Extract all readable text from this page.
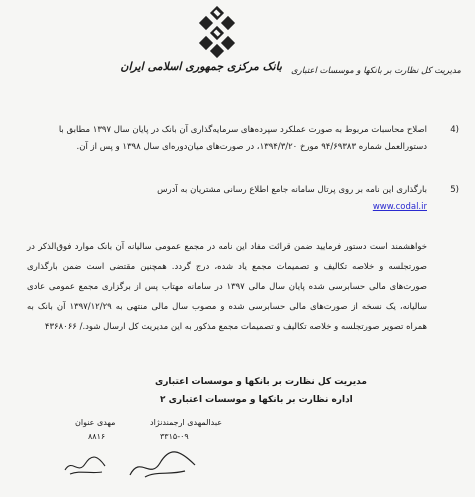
بانک مرکزی جمهوری اسلامی ایران مدیریت کل نظارت بر بانکها و موسسات اعتباری
(4
اصلاح محاسبات مربوط به صورت عملکرد سپرده‌های سرمایه‌گذاری آن بانک در پایان سال ۱۳۹۷ مطابق با دستورالعمل شماره ۹۴/۶۹۳۸۳ مورخ ۱۳۹۴/۳/۲۰، در صورت‌های میان‌دوره‌ای سال ۱۳۹۸ و پس از آن.
(5
بارگذاری این نامه بر روی پرتال سامانه جامع اطلاع رسانی مشتریان به آدرس
www.codal.ir
خواهشمند است دستور فرمایید ضمن قرائت مفاد این نامه در مجمع عمومی سالیانه آن بانک موارد فوق‌الذکر در صورتجلسه و خلاصه تکالیف و تصمیمات مجمع یاد شده، درج گردد. همچنین مقتضی است ضمن بارگذاری صورت‌های مالی حسابرسی شده پایان سال مالی ۱۳۹۷ در سامانه مهتاب پس از برگزاری مجمع عمومی عادی سالیانه، یک نسخه از صورت‌های مالی حسابرسی شده و مصوب سال مالی منتهی به ۱۳۹۷/۱۲/۲۹ آن بانک به همراه تصویر صورتجلسه و خلاصه تکالیف و تصمیمات مجمع مذکور به این مدیریت کل ارسال شود./ ۴۳۶۸۰۶۶
مدیریت کل نظارت بر بانکها و موسسات اعتباری
اداره نظارت بر بانکها و موسسات اعتباری ۲
عبدالمهدی ارجمندنژاد
۳۳۱۵-۰۹
مهدی عنوان
۸۸۱۶
